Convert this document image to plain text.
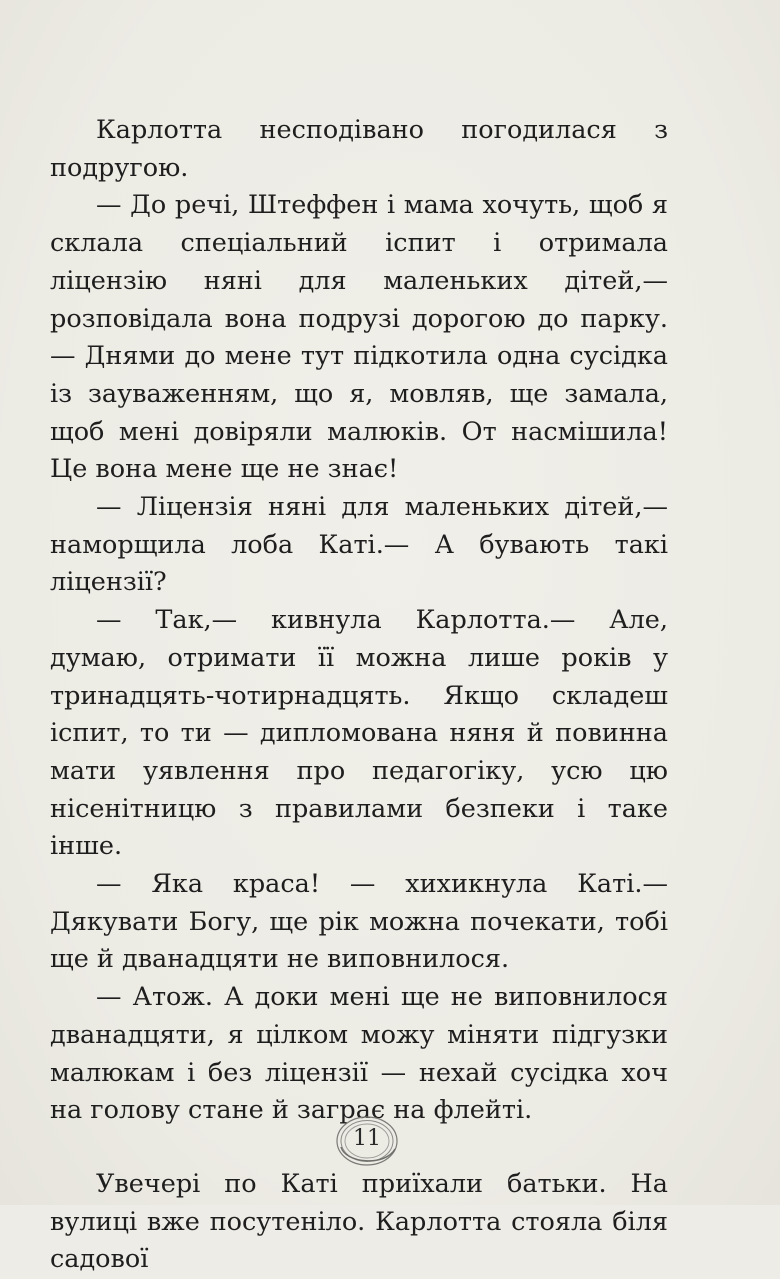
Карлотта несподівано погодилася з подругою.

— До речі, Штеффен і мама хочуть, щоб я склала спеціальний іспит і отримала ліцензію няні для маленьких дітей,— розповідала вона подрузі дорогою до парку.— Днями до мене тут підкотила одна сусідка із зауваженням, що я, мовляв, ще замала, щоб мені довіряли малюків. От насмішила! Це вона мене ще не знає!

— Ліцензія няні для маленьких дітей,— наморщила лоба Каті.— А бувають такі ліцензії?

— Так,— кивнула Карлотта.— Але, думаю, отримати її можна лише років у тринадцять-чотирнадцять. Якщо складеш іспит, то ти — дипломована няня й повинна мати уявлення про педагогіку, усю цю нісенітницю з правилами безпеки і таке інше.

— Яка краса! — хихикнула Каті.— Дякувати Богу, ще рік можна почекати, тобі ще й дванадцяти не виповнилося.

— Атож. А доки мені ще не виповнилося дванадцяти, я цілком можу міняти підгузки малюкам і без ліцензії — нехай сусідка хоч на голову стане й заграє на флейті.

Увечері по Каті приїхали батьки. На вулиці вже посутеніло. Карлотта стояла біля садової

11
